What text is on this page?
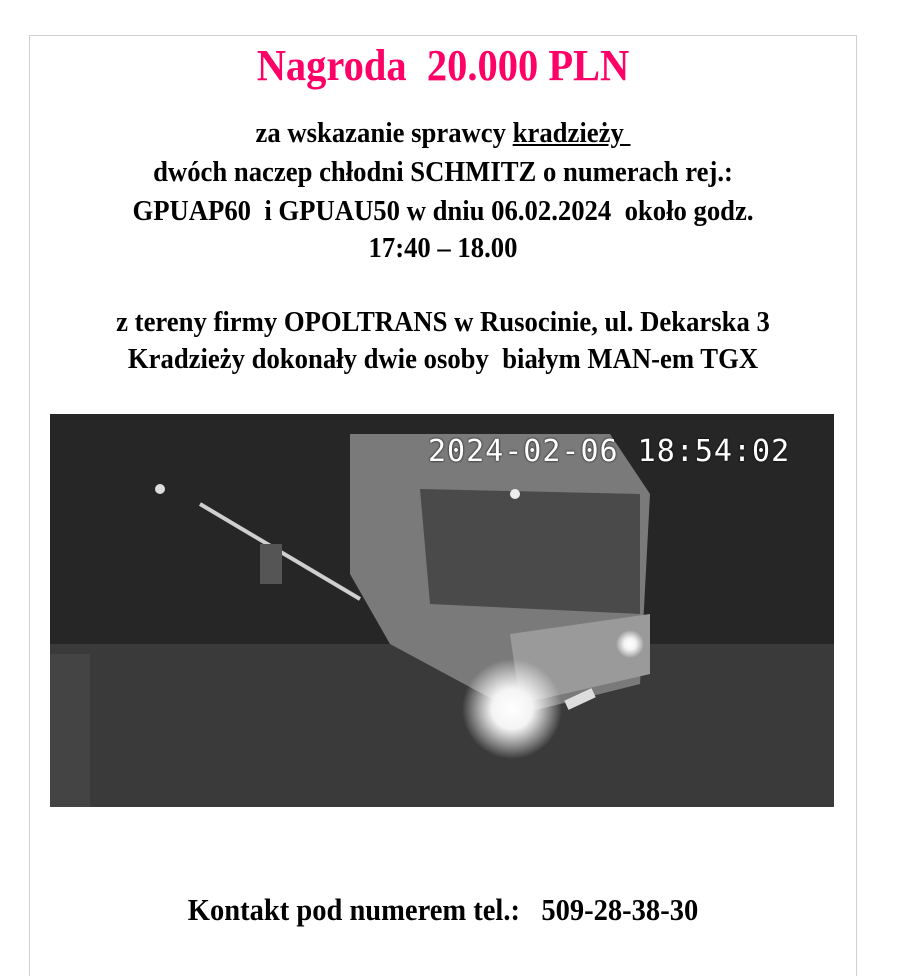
Nagroda  20.000 PLN
za wskazanie sprawcy kradzieży
dwóch naczep chłodni SCHMITZ o numerach rej.:
GPUAP60  i GPUAU50 w dniu 06.02.2024  około godz.
17:40 – 18.00
z tereny firmy OPOLTRANS w Rusocinie, ul. Dekarska 3
Kradzieży dokonały dwie osoby  białym MAN-em TGX
2024-02-06 18:54:02
Kontakt pod numerem tel.:   509-28-38-30
